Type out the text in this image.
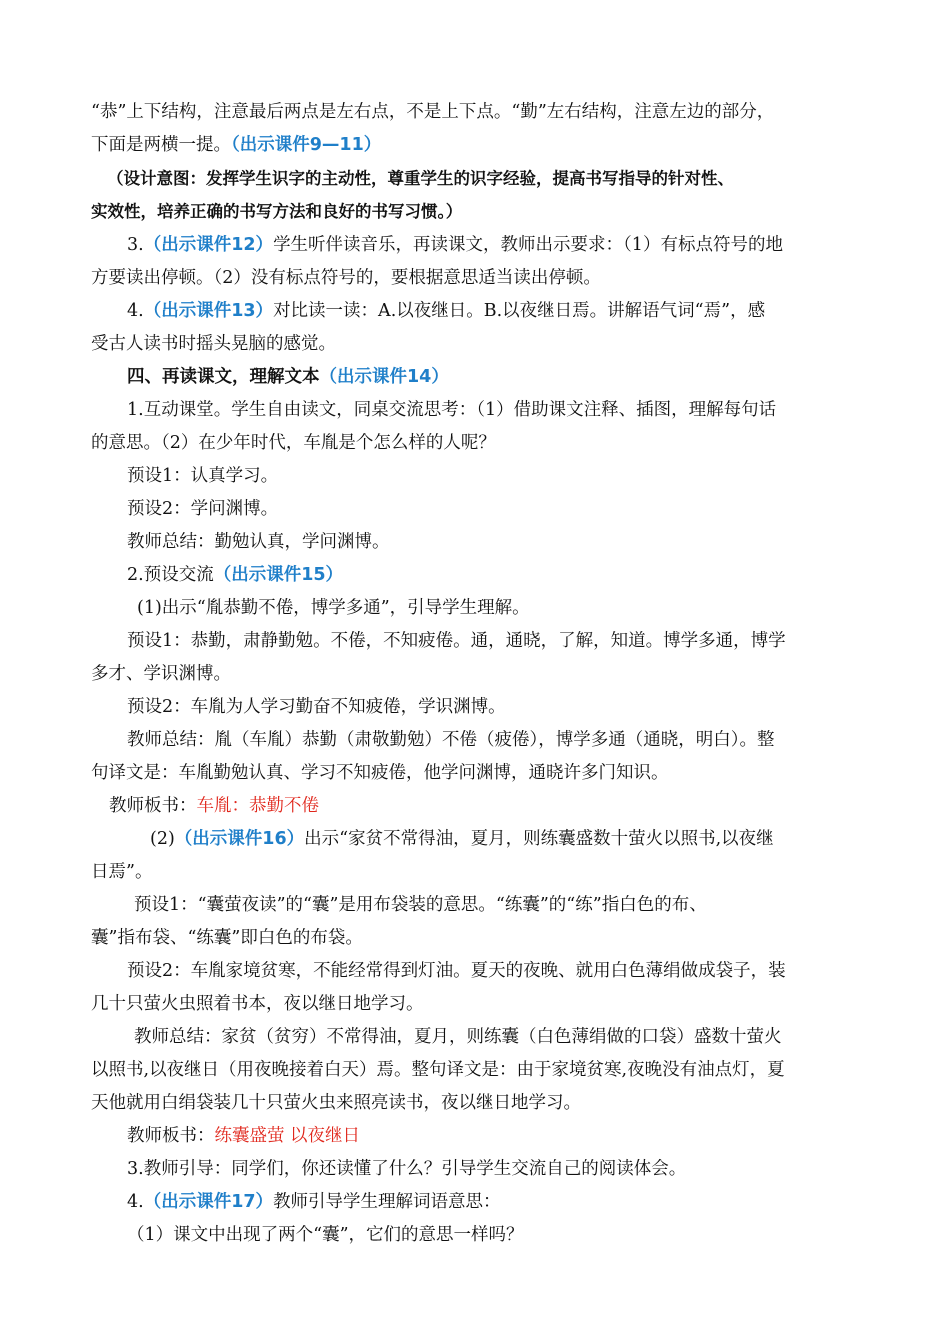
“恭”上下结构，注意最后两点是左右点，不是上下点。“勤”左右结构，注意左边的部分，
下面是两横一提。（出示课件9—11）
（设计意图：发挥学生识字的主动性，尊重学生的识字经验，提高书写指导的针对性、
实效性，培养正确的书写方法和良好的书写习惯。）
3.（出示课件12）学生听伴读音乐，再读课文，教师出示要求：（1）有标点符号的地
方要读出停顿。（2）没有标点符号的，要根据意思适当读出停顿。
4.（出示课件13）对比读一读：A.以夜继日。B.以夜继日焉。讲解语气词“焉”，感
受古人读书时摇头晃脑的感觉。
四、再读课文，理解文本（出示课件14）
1.互动课堂。学生自由读文，同桌交流思考：（1）借助课文注释、插图，理解每句话
的意思。（2）在少年时代，车胤是个怎么样的人呢？
预设1：认真学习。
预设2：学问渊博。
教师总结：勤勉认真，学问渊博。
2.预设交流（出示课件15）
(1)出示“胤恭勤不倦，博学多通”，引导学生理解。
预设1：恭勤，肃静勤勉。不倦，不知疲倦。通，通晓，了解，知道。博学多通，博学
多才、学识渊博。
预设2：车胤为人学习勤奋不知疲倦，学识渊博。
教师总结：胤（车胤）恭勤（肃敬勤勉）不倦（疲倦），博学多通（通晓，明白）。整
句译文是：车胤勤勉认真、学习不知疲倦，他学问渊博，通晓许多门知识。
教师板书：车胤：恭勤不倦
(2)（出示课件16）出示“家贫不常得油，夏月，则练囊盛数十萤火以照书,以夜继
日焉”。
预设1：“囊萤夜读”的“囊”是用布袋装的意思。“练囊”的“练”指白色的布、
囊”指布袋、“练囊”即白色的布袋。
预设2：车胤家境贫寒，不能经常得到灯油。夏天的夜晚、就用白色薄绢做成袋子，装
几十只萤火虫照着书本，夜以继日地学习。
教师总结：家贫（贫穷）不常得油，夏月，则练囊（白色薄绢做的口袋）盛数十萤火
以照书,以夜继日（用夜晚接着白天）焉。整句译文是：由于家境贫寒,夜晚没有油点灯，夏
天他就用白绢袋装几十只萤火虫来照亮读书，夜以继日地学习。
教师板书：练囊盛萤 以夜继日
3.教师引导：同学们，你还读懂了什么？引导学生交流自己的阅读体会。
4.（出示课件17）教师引导学生理解词语意思：
（1）课文中出现了两个“囊”，它们的意思一样吗？
